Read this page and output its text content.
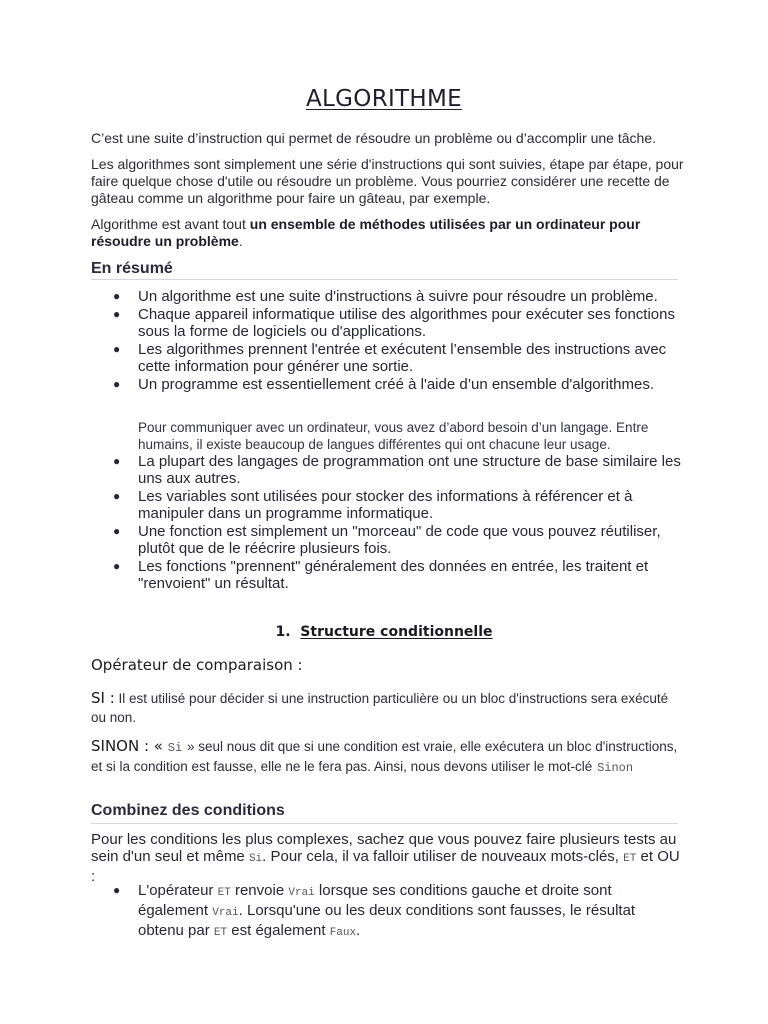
ALGORITHME
C’est une suite d’instruction qui permet de résoudre un problème ou d’accomplir une tâche.
Les algorithmes sont simplement une série d'instructions qui sont suivies, étape par étape, pour faire quelque chose d'utile ou résoudre un problème. Vous pourriez considérer une recette de gâteau comme un algorithme pour faire un gâteau, par exemple.
Algorithme est avant tout un ensemble de méthodes utilisées par un ordinateur pour résoudre un problème.
En résumé
● Un algorithme est une suite d'instructions à suivre pour résoudre un problème.
● Chaque appareil informatique utilise des algorithmes pour exécuter ses fonctions sous la forme de logiciels ou d'applications.
● Les algorithmes prennent l'entrée et exécutent l’ensemble des instructions avec cette information pour générer une sortie.
● Un programme est essentiellement créé à l'aide d’un ensemble d'algorithmes.
Pour communiquer avec un ordinateur, vous avez d’abord besoin d’un langage. Entre humains, il existe beaucoup de langues différentes qui ont chacune leur usage.
● La plupart des langages de programmation ont une structure de base similaire les uns aux autres.
● Les variables sont utilisées pour stocker des informations à référencer et à manipuler dans un programme informatique.
● Une fonction est simplement un "morceau" de code que vous pouvez réutiliser, plutôt que de le réécrire plusieurs fois.
● Les fonctions "prennent" généralement des données en entrée, les traitent et "renvoient" un résultat.
1. Structure conditionnelle
Opérateur de comparaison :
SI : Il est utilisé pour décider si une instruction particulière ou un bloc d'instructions sera exécuté ou non.
SINON : « Si » seul nous dit que si une condition est vraie, elle exécutera un bloc d'instructions, et si la condition est fausse, elle ne le fera pas. Ainsi, nous devons utiliser le mot-clé Sinon
Combinez des conditions
Pour les conditions les plus complexes, sachez que vous pouvez faire plusieurs tests au sein d'un seul et même Si. Pour cela, il va falloir utiliser de nouveaux mots-clés, ET et OU :
● L'opérateur ET renvoie Vrai lorsque ses conditions gauche et droite sont également Vrai. Lorsqu'une ou les deux conditions sont fausses, le résultat obtenu par ET est également Faux.
